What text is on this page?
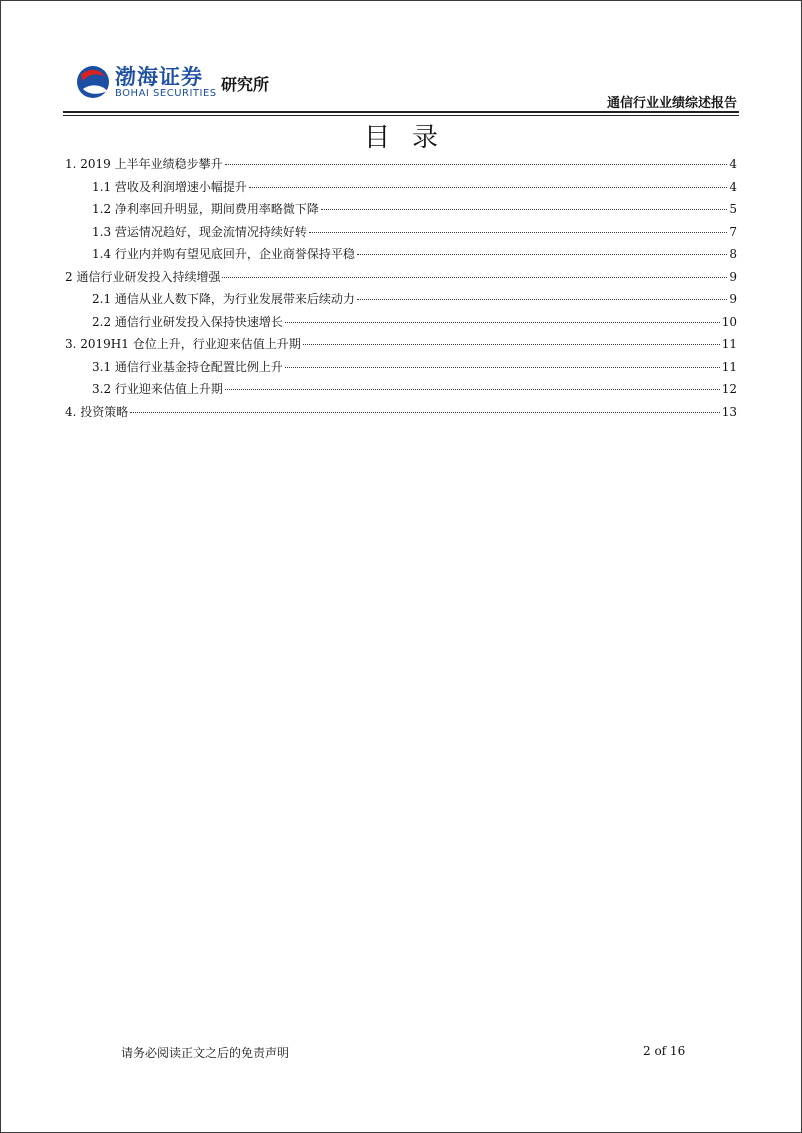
渤海证券
BOHAI SECURITIES 研究所
通信行业业绩综述报告
目录
1. 2019 上半年业绩稳步攀升	4
1.1 营收及利润增速小幅提升	4
1.2 净利率回升明显，期间费用率略微下降	5
1.3 营运情况趋好，现金流情况持续好转	7
1.4 行业内并购有望见底回升，企业商誉保持平稳	8
2 通信行业研发投入持续增强	9
2.1 通信从业人数下降，为行业发展带来后续动力	9
2.2 通信行业研发投入保持快速增长	10
3. 2019H1 仓位上升，行业迎来估值上升期	11
3.1 通信行业基金持仓配置比例上升	11
3.2 行业迎来估值上升期	12
4. 投资策略	13
请务必阅读正文之后的免责声明	2 of 16
